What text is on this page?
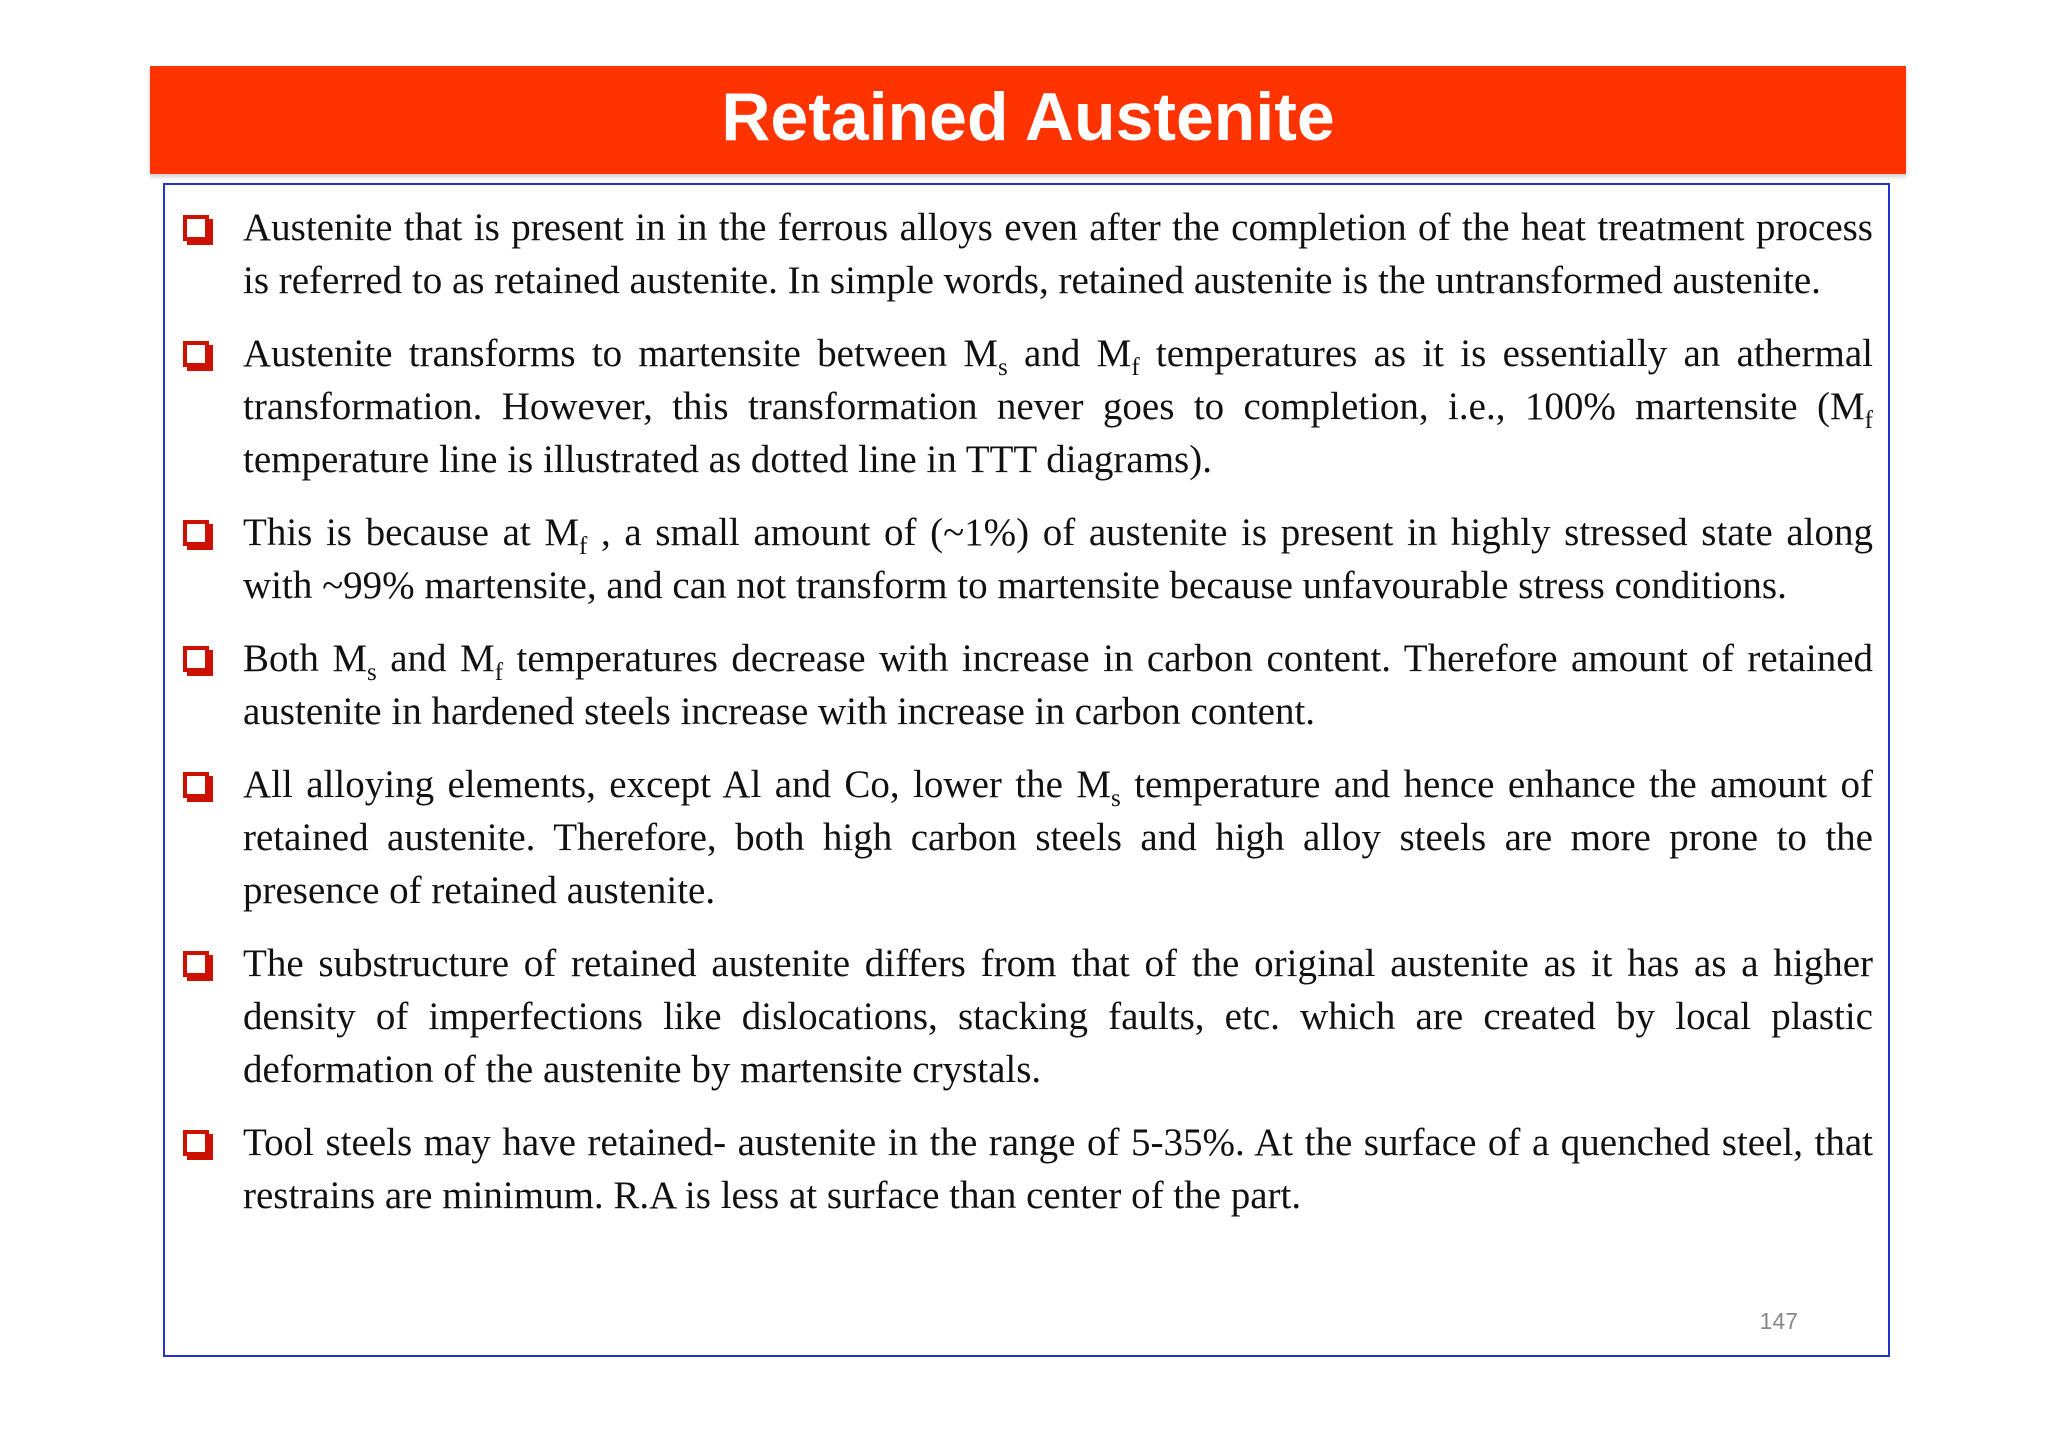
Retained Austenite
Austenite that is present in in the ferrous alloys even after the completion of the heat treatment process is referred to as retained austenite. In simple words, retained austenite is the untransformed austenite.
Austenite transforms to martensite between $M_s$ and $M_f$ temperatures as it is essentially an athermal transformation. However, this transformation never goes to completion, i.e., 100% martensite ($M_f$ temperature line is illustrated as dotted line in TTT diagrams).
This is because at $M_f$ , a small amount of (~1%) of austenite is present in highly stressed state along with ~99% martensite, and can not transform to martensite because unfavourable stress conditions.
Both $M_s$ and $M_f$ temperatures decrease with increase in carbon content. Therefore amount of retained austenite in hardened steels increase with increase in carbon content.
All alloying elements, except Al and Co, lower the $M_s$ temperature and hence enhance the amount of retained austenite. Therefore, both high carbon steels and high alloy steels are more prone to the presence of retained austenite.
The substructure of retained austenite differs from that of the original austenite as it has as a higher density of imperfections like dislocations, stacking faults, etc. which are created by local plastic deformation of the austenite by martensite crystals.
Tool steels may have retained- austenite in the range of 5-35%. At the surface of a quenched steel, that restrains are minimum. R.A is less at surface than center of the part.
147
